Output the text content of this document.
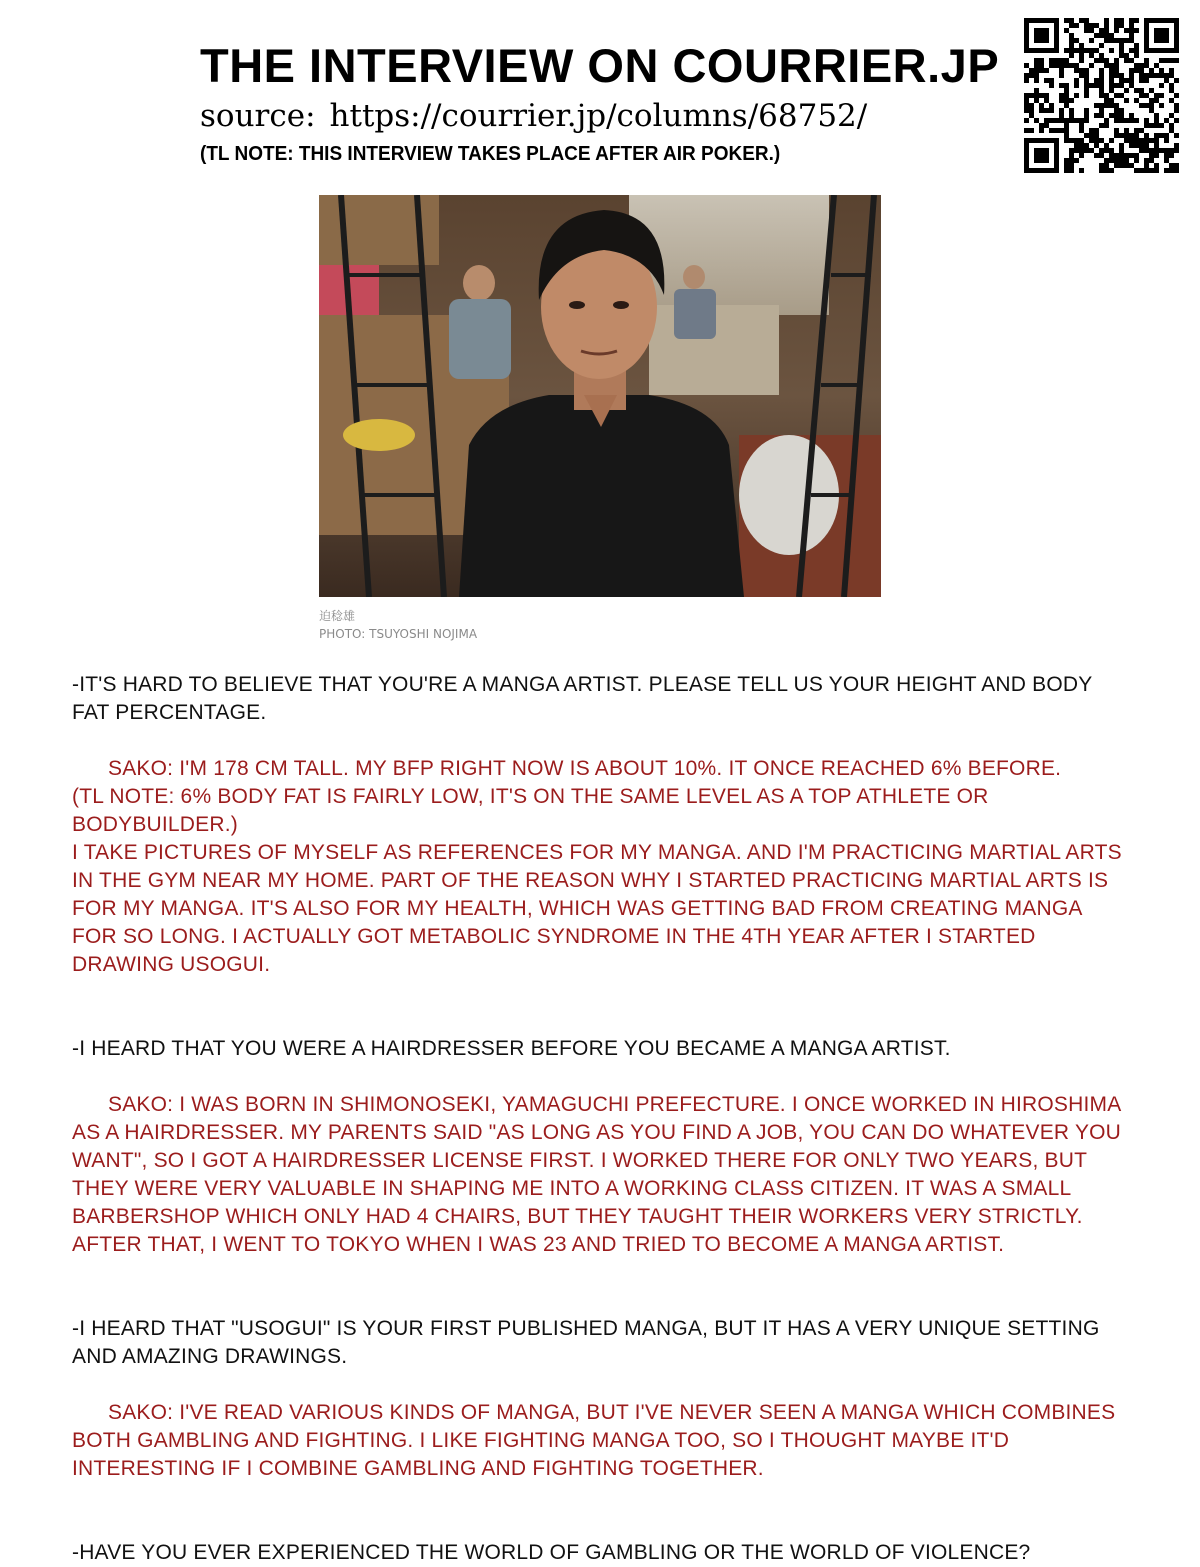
THE INTERVIEW ON COURRIER.JP
source: https://courrier.jp/columns/68752/
(TL NOTE: THIS INTERVIEW TAKES PLACE AFTER AIR POKER.)
迫稔雄
PHOTO: TSUYOSHI NOJIMA

-IT'S HARD TO BELIEVE THAT YOU'RE A MANGA ARTIST. PLEASE TELL US YOUR HEIGHT AND BODY FAT PERCENTAGE.

SAKO: I'M 178 CM TALL. MY BFP RIGHT NOW IS ABOUT 10%. IT ONCE REACHED 6% BEFORE.

(TL NOTE: 6% BODY FAT IS FAIRLY LOW, IT'S ON THE SAME LEVEL AS A TOP ATHLETE OR BODYBUILDER.)

I TAKE PICTURES OF MYSELF AS REFERENCES FOR MY MANGA. AND I'M PRACTICING MARTIAL ARTS IN THE GYM NEAR MY HOME. PART OF THE REASON WHY I STARTED PRACTICING MARTIAL ARTS IS FOR MY MANGA. IT'S ALSO FOR MY HEALTH, WHICH WAS GETTING BAD FROM CREATING MANGA FOR SO LONG. I ACTUALLY GOT METABOLIC SYNDROME IN THE 4TH YEAR AFTER I STARTED DRAWING USOGUI.

-I HEARD THAT YOU WERE A HAIRDRESSER BEFORE YOU BECAME A MANGA ARTIST.

SAKO: I WAS BORN IN SHIMONOSEKI, YAMAGUCHI PREFECTURE. I ONCE WORKED IN HIROSHIMA AS A HAIRDRESSER. MY PARENTS SAID "AS LONG AS YOU FIND A JOB, YOU CAN DO WHATEVER YOU WANT", SO I GOT A HAIRDRESSER LICENSE FIRST. I WORKED THERE FOR ONLY TWO YEARS, BUT THEY WERE VERY VALUABLE IN SHAPING ME INTO A WORKING CLASS CITIZEN. IT WAS A SMALL BARBERSHOP WHICH ONLY HAD 4 CHAIRS, BUT THEY TAUGHT THEIR WORKERS VERY STRICTLY. AFTER THAT, I WENT TO TOKYO WHEN I WAS 23 AND TRIED TO BECOME A MANGA ARTIST.

-I HEARD THAT "USOGUI" IS YOUR FIRST PUBLISHED MANGA, BUT IT HAS A VERY UNIQUE SETTING AND AMAZING DRAWINGS.

SAKO: I'VE READ VARIOUS KINDS OF MANGA, BUT I'VE NEVER SEEN A MANGA WHICH COMBINES BOTH GAMBLING AND FIGHTING. I LIKE FIGHTING MANGA TOO, SO I THOUGHT MAYBE IT'D INTERESTING IF I COMBINE GAMBLING AND FIGHTING TOGETHER.

-HAVE YOU EVER EXPERIENCED THE WORLD OF GAMBLING OR THE WORLD OF VIOLENCE?
